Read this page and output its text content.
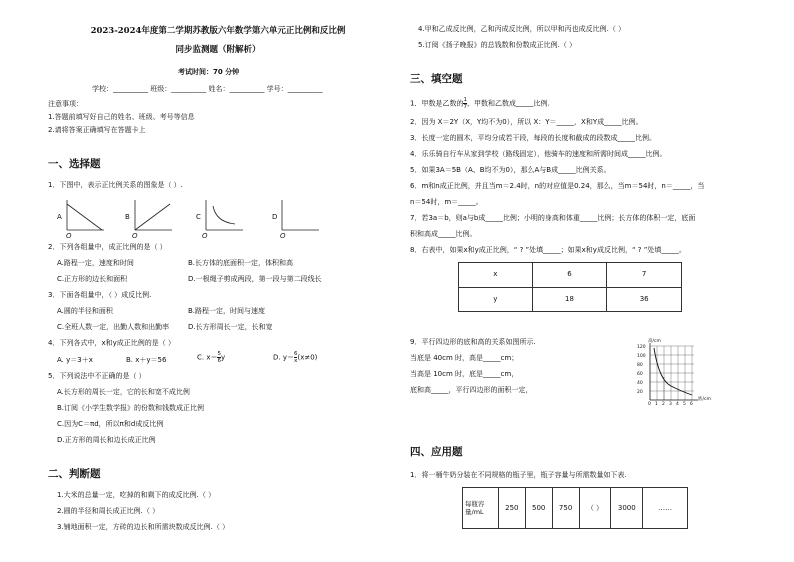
2023-2024年度第二学期苏教版六年数学第六单元正比例和反比例
同步监测题（附解析）
考试时间：70 分钟
学校：__________ 班级：__________ 姓名：__________ 学号：__________
注意事项：
1.答题前填写好自己的姓名、班级、考号等信息
2.请将答案正确填写在答题卡上
一、选择题
1．下图中，表示正比例关系的图象是（ ）.
A
O
B
O
C
O
D
O
2．下列各组量中，成正比例的是（ ）
A.路程一定，速度和时间	B.长方体的底面积一定，体积和高
C.正方形的边长和面积	D.一根绳子剪成两段，第一段与第二段线长
3．下面各组量中，（ ）成反比例.
A.圆的半径和面积	B.路程一定，时间与速度
C.全班人数一定，出勤人数和出勤率	D.长方形周长一定，长和宽
4．下列各式中，x和y成正比例的是（ ）
A. y＝3＋x	B. x＋y＝56	C. $x= \frac{5}{6}$ y	D. $y= \frac{6}{x} (x\ne 0)$
5．下列说法中不正确的是（ ）
A.长方形的周长一定，它的长和宽不成比例
B.订阅《小学生数学报》的份数和钱数成正比例
C.因为C＝πd，所以π和d成反比例
D.正方形的周长和边长成正比例
二、判断题
1.大米的总量一定，吃掉的和剩下的成反比例.（ ）
2.圆的半径和周长成正比例.（ ）
3.铺地面积一定，方砖的边长和所需块数成反比例.（ ）
4.甲和乙成反比例，乙和丙成反比例，所以甲和丙也成反比例.（ ）
5.订阅《扬子晚报》的总钱数和份数成正比例.（ ）
三、填空题
1．甲数是乙数的 $\frac{1}{7}$ ，甲数和乙数成_____比例.
2．因为 X＝2Y（X，Y均不为0），所以 X：Y＝_____，X和Y成_____比例。
3．长度一定的圆木，平均分成若干段，每段的长度和截成的段数成_____比例。
4．乐乐骑自行车从家到学校（路线固定），他骑车的速度和所需时间成_____比例。
5．如果3A＝5B（A、B均不为0），那么A与B成_____比例关系。
6．m和n成正比例，并且当m＝2.4时，n的对应值是0.24，那么，当m＝54时，n＝_____，当
n＝54时，m＝_____。
7．若3a＝b，则a与b成_____比例；小明的身高和体重_____比例；长方体的体积一定，底面
积和高成_____比例。
8．右表中，如果x和y成正比例，“ ? ”处填_____；如果x和y成反比例，“ ? ”处填_____。
x	6	7
y	18	36
9．平行四边形的底和高的关系如图所示.
当底是 40cm 时，高是_____cm；
当高是 10cm 时，底是_____cm，
底和高_____，平行四边形的面积一定，
高/cm
底/cm
120
100
80
60
40
20
0 1 2 3 4 5 6
四、应用题
1．将一桶牛奶分装在不同规格的瓶子里，瓶子容量与所需数量如下表.
每瓶容量/mL	250	500	750	（ ）	3000	……
